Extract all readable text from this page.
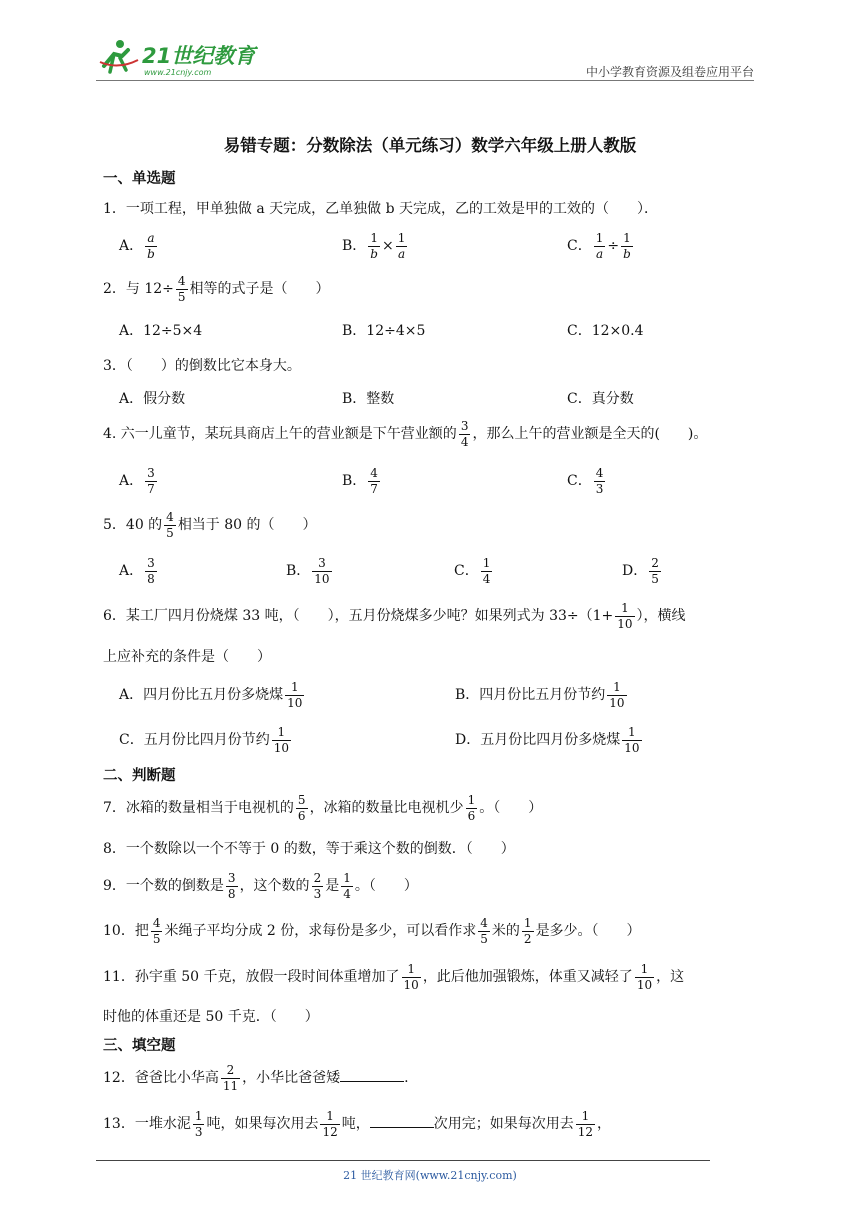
21世纪教育
www.21cnjy.com	中小学教育资源及组卷应用平台
易错专题：分数除法（单元练习）数学六年级上册人教版
一、单选题
1．一项工程，甲单独做 a 天完成，乙单独做 b 天完成，乙的工效是甲的工效的（　　）．
A． $\frac{a}{b}$	B． $\frac{1}{b} \times \frac{1}{a}$	C． $\frac{1}{a} \div \frac{1}{b}$
2．与 $12\div \frac{4}{5}$ 相等的式子是（　　）
A．12÷5×4	B．12÷4×5	C．12×0.4
3．（　　）的倒数比它本身大。
A．假分数	B．整数	C．真分数
4. 六一儿童节，某玩具商店上午的营业额是下午营业额的 $\frac{3}{4}$ ，那么上午的营业额是全天的(　　)。
A． $\frac{3}{7}$	B． $\frac{4}{7}$	C． $\frac{4}{3}$
5．40 的 $\frac{4}{5}$ 相当于 80 的（　　）
A． $\frac{3}{8}$	B． $\frac{3}{10}$	C． $\frac{1}{4}$	D． $\frac{2}{5}$
6．某工厂四月份烧煤 33 吨，（　　），五月份烧煤多少吨？如果列式为 $33\div(1+ \frac{1}{10}$ ），横线
上应补充的条件是（　　）
A．四月份比五月份多烧煤 $\frac{1}{10}$	B．四月份比五月份节约 $\frac{1}{10}$
C．五月份比四月份节约 $\frac{1}{10}$	D．五月份比四月份多烧煤 $\frac{1}{10}$
二、判断题
7．冰箱的数量相当于电视机的 $\frac{5}{6}$ ，冰箱的数量比电视机少 $\frac{1}{6}$ 。（　　）
8．一个数除以一个不等于 0 的数，等于乘这个数的倒数．（　　）
9．一个数的倒数是 $\frac{3}{8}$ ，这个数的 $\frac{2}{3}$ 是 $\frac{1}{4}$ 。（　　）
10．把 $\frac{4}{5}$ 米绳子平均分成 2 份，求每份是多少，可以看作求 $\frac{4}{5}$ 米的 $\frac{1}{2}$ 是多少。（　　）
11．孙宇重 50 千克，放假一段时间体重增加了 $\frac{1}{10}$ ，此后他加强锻炼，体重又减轻了 $\frac{1}{10}$ ，这
时他的体重还是 50 千克．（　　）
三、填空题
12．爸爸比小华高 $\frac{2}{11}$ ，小华比爸爸矮	.
13．一堆水泥 $\frac{1}{3}$ 吨，如果每次用去 $\frac{1}{12}$ 吨，	次用完；如果每次用去 $\frac{1}{12}$ ，
21 世纪教育网(www.21cnjy.com)
